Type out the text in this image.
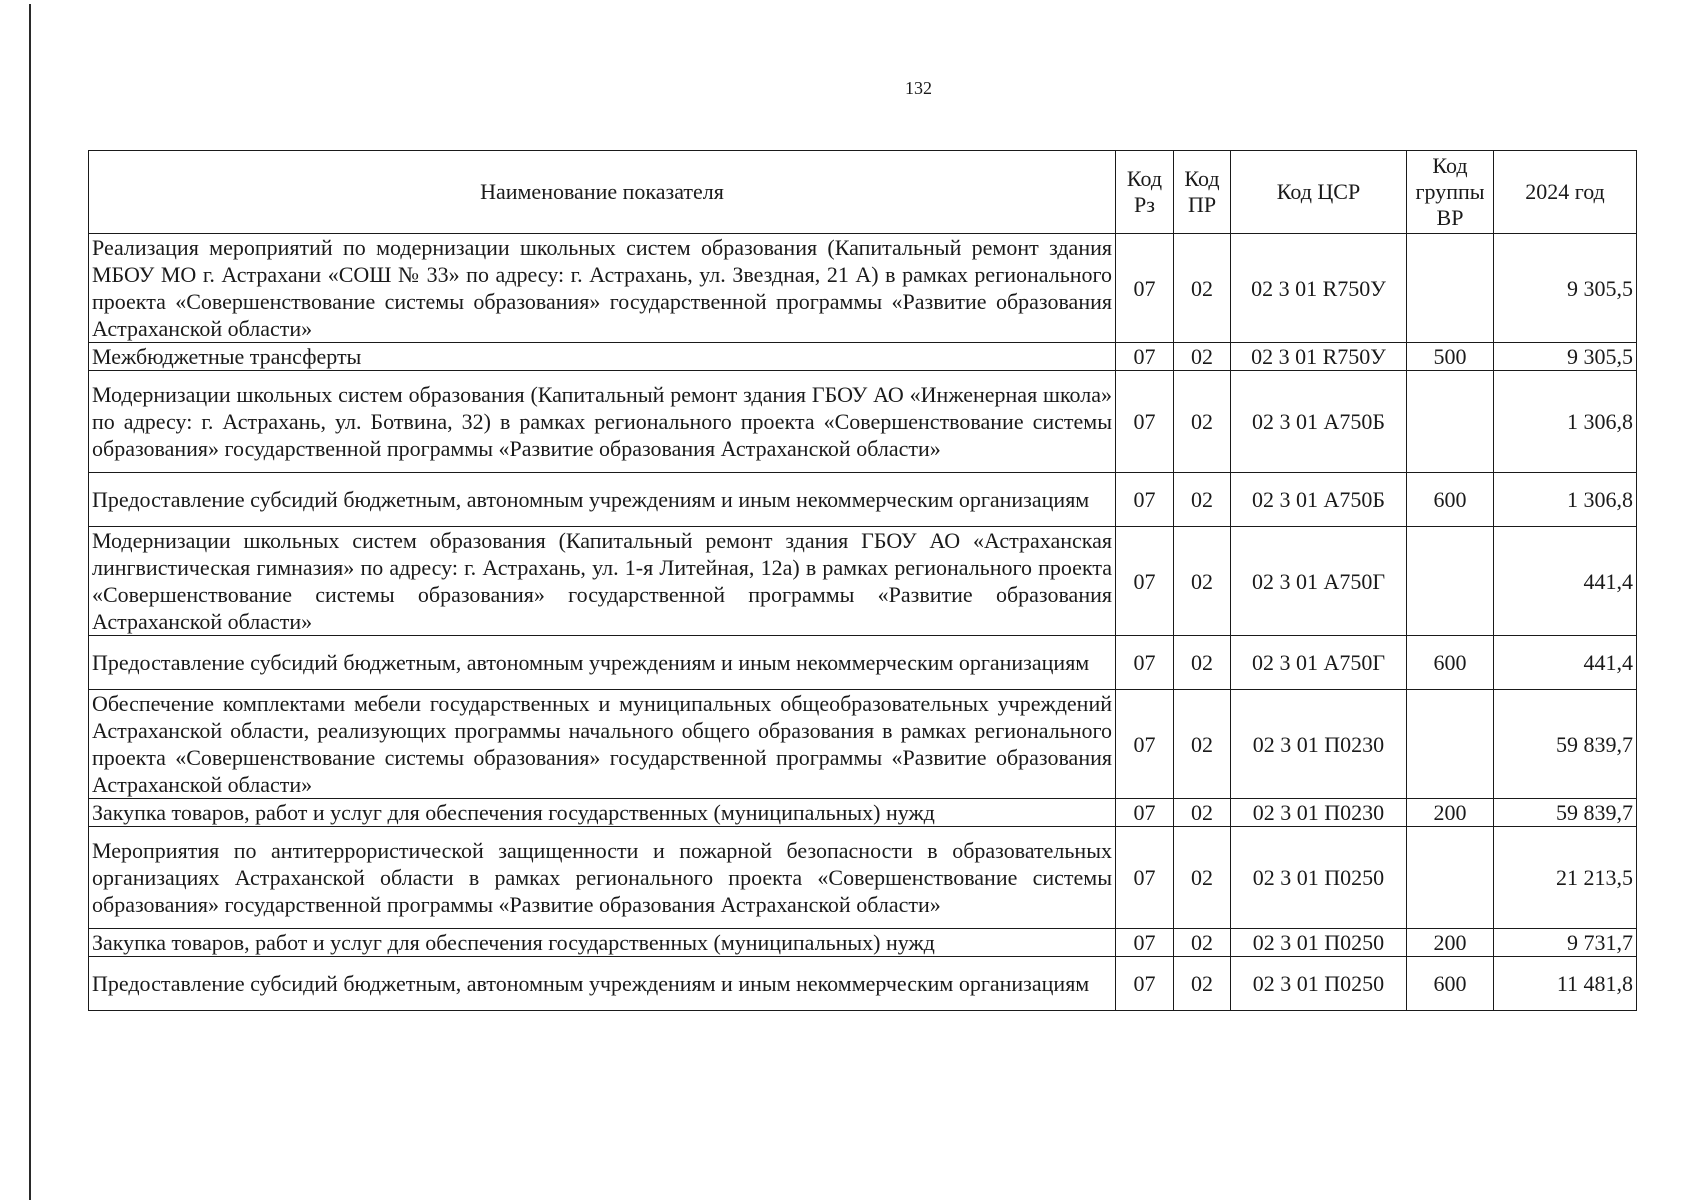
132
Наименование показателя	Код Рз	Код ПР	Код ЦСР	Код группы ВР	2024 год
Реализация мероприятий по модернизации школьных систем образования (Капитальный ремонт здания МБОУ МО г. Астрахани «СОШ № 33» по адресу: г. Астрахань, ул. Звездная, 21 А) в рамках регионального проекта «Совершенствование системы образования» государственной программы «Развитие образования Астраханской области»	07	02	02 3 01 R750У		9 305,5
Межбюджетные трансферты	07	02	02 3 01 R750У	500	9 305,5
Модернизации школьных систем образования (Капитальный ремонт здания ГБОУ АО «Инженерная школа» по адресу: г. Астрахань, ул. Ботвина, 32) в рамках регионального проекта «Совершенствование системы образования» государственной программы «Развитие образования Астраханской области»	07	02	02 3 01 А750Б		1 306,8
Предоставление субсидий бюджетным, автономным учреждениям и иным некоммерческим организациям	07	02	02 3 01 А750Б	600	1 306,8
Модернизации школьных систем образования (Капитальный ремонт здания ГБОУ АО «Астраханская лингвистическая гимназия» по адресу: г. Астрахань, ул. 1-я Литейная, 12а) в рамках регионального проекта «Совершенствование системы образования» государственной программы «Развитие образования Астраханской области»	07	02	02 3 01 А750Г		441,4
Предоставление субсидий бюджетным, автономным учреждениям и иным некоммерческим организациям	07	02	02 3 01 А750Г	600	441,4
Обеспечение комплектами мебели государственных и муниципальных общеобразовательных учреждений Астраханской области, реализующих программы начального общего образования в рамках регионального проекта «Совершенствование системы образования» государственной программы «Развитие образования Астраханской области»	07	02	02 3 01 П0230		59 839,7
Закупка товаров, работ и услуг для обеспечения государственных (муниципальных) нужд	07	02	02 3 01 П0230	200	59 839,7
Мероприятия по антитеррористической защищенности и пожарной безопасности в образовательных организациях Астраханской области в рамках регионального проекта «Совершенствование системы образования» государственной программы «Развитие образования Астраханской области»	07	02	02 3 01 П0250		21 213,5
Закупка товаров, работ и услуг для обеспечения государственных (муниципальных) нужд	07	02	02 3 01 П0250	200	9 731,7
Предоставление субсидий бюджетным, автономным учреждениям и иным некоммерческим организациям	07	02	02 3 01 П0250	600	11 481,8
